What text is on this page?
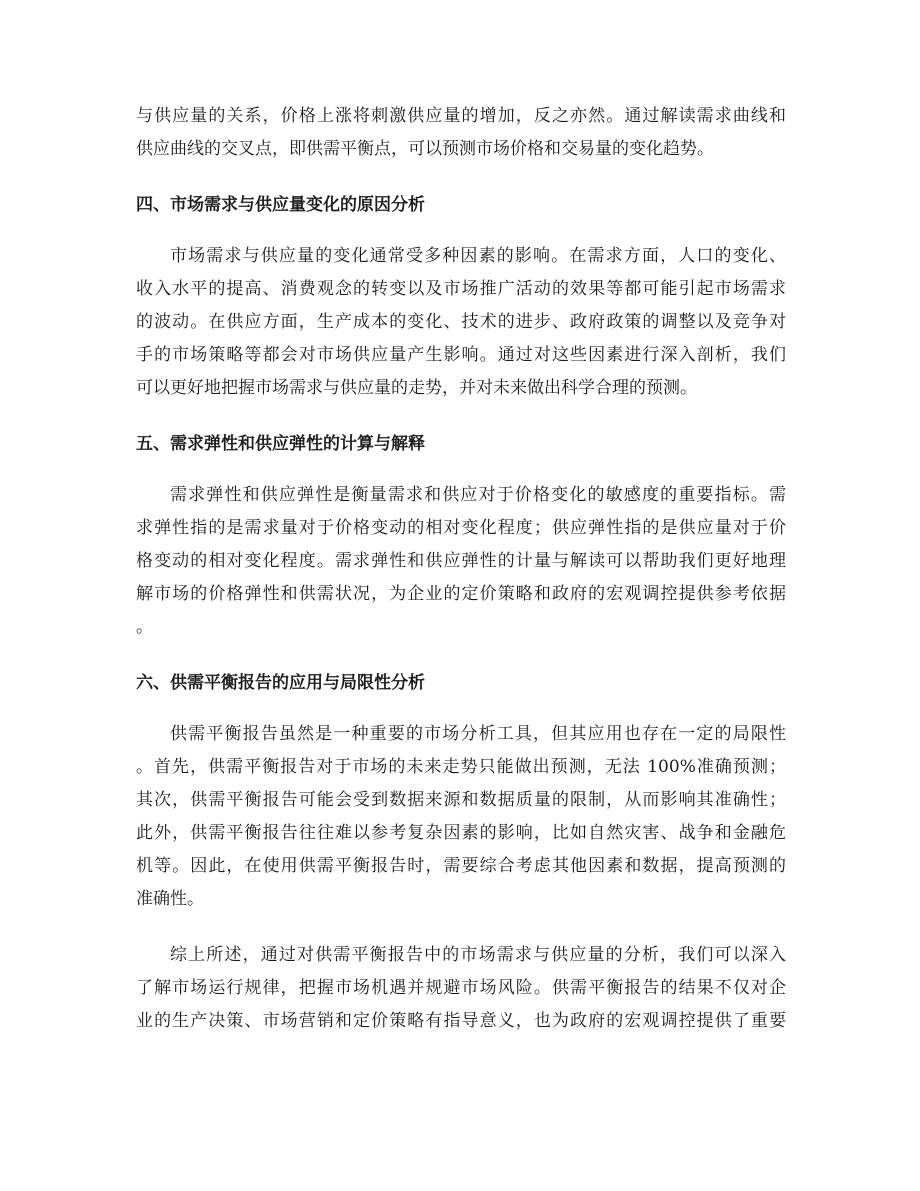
与供应量的关系，价格上涨将刺激供应量的增加，反之亦然。通过解读需求曲线和
供应曲线的交叉点，即供需平衡点，可以预测市场价格和交易量的变化趋势。
四、市场需求与供应量变化的原因分析
市场需求与供应量的变化通常受多种因素的影响。在需求方面，人口的变化、
收入水平的提高、消费观念的转变以及市场推广活动的效果等都可能引起市场需求
的波动。在供应方面，生产成本的变化、技术的进步、政府政策的调整以及竞争对
手的市场策略等都会对市场供应量产生影响。通过对这些因素进行深入剖析，我们
可以更好地把握市场需求与供应量的走势，并对未来做出科学合理的预测。
五、需求弹性和供应弹性的计算与解释
需求弹性和供应弹性是衡量需求和供应对于价格变化的敏感度的重要指标。需
求弹性指的是需求量对于价格变动的相对变化程度；供应弹性指的是供应量对于价
格变动的相对变化程度。需求弹性和供应弹性的计量与解读可以帮助我们更好地理
解市场的价格弹性和供需状况，为企业的定价策略和政府的宏观调控提供参考依据
。
六、供需平衡报告的应用与局限性分析
供需平衡报告虽然是一种重要的市场分析工具，但其应用也存在一定的局限性
。首先，供需平衡报告对于市场的未来走势只能做出预测，无法 100%准确预测；
其次，供需平衡报告可能会受到数据来源和数据质量的限制，从而影响其准确性；
此外，供需平衡报告往往难以参考复杂因素的影响，比如自然灾害、战争和金融危
机等。因此，在使用供需平衡报告时，需要综合考虑其他因素和数据，提高预测的
准确性。
综上所述，通过对供需平衡报告中的市场需求与供应量的分析，我们可以深入
了解市场运行规律，把握市场机遇并规避市场风险。供需平衡报告的结果不仅对企
业的生产决策、市场营销和定价策略有指导意义，也为政府的宏观调控提供了重要
